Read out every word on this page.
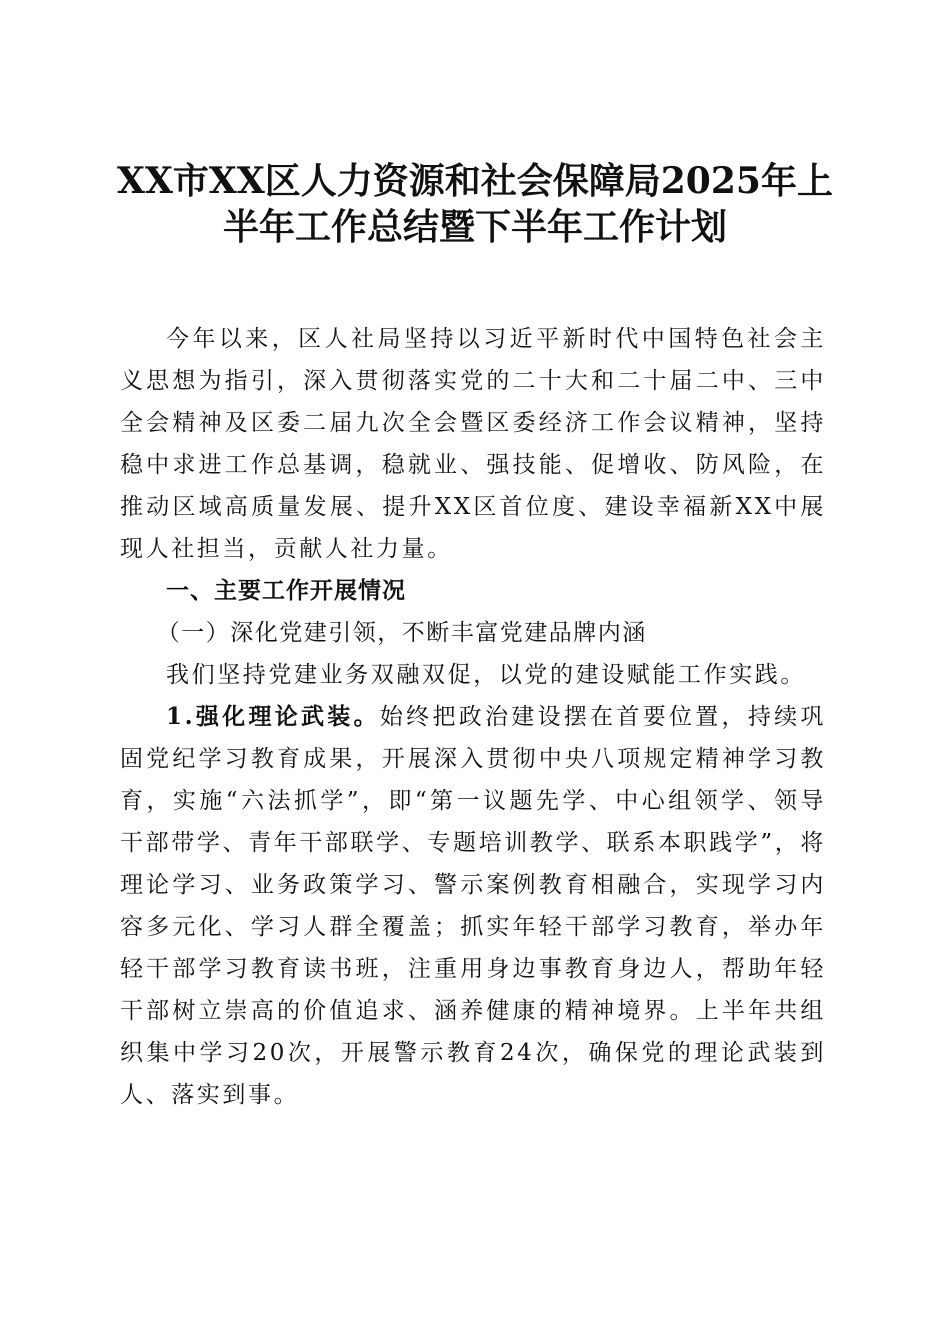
XX市XX区人力资源和社会保障局2025年上
半年工作总结暨下半年工作计划

今年以来，区人社局坚持以习近平新时代中国特色社会主义思想为指引，深入贯彻落实党的二十大和二十届二中、三中全会精神及区委二届九次全会暨区委经济工作会议精神，坚持稳中求进工作总基调，稳就业、强技能、促增收、防风险，在推动区域高质量发展、提升XX区首位度、建设幸福新XX中展现人社担当，贡献人社力量。

一、主要工作开展情况

（一）深化党建引领，不断丰富党建品牌内涵

我们坚持党建业务双融双促，以党的建设赋能工作实践。

1.强化理论武装。始终把政治建设摆在首要位置，持续巩固党纪学习教育成果，开展深入贯彻中央八项规定精神学习教育，实施“六法抓学”，即“第一议题先学、中心组领学、领导干部带学、青年干部联学、专题培训教学、联系本职践学”，将理论学习、业务政策学习、警示案例教育相融合，实现学习内容多元化、学习人群全覆盖；抓实年轻干部学习教育，举办年轻干部学习教育读书班，注重用身边事教育身边人，帮助年轻干部树立崇高的价值追求、涵养健康的精神境界。上半年共组织集中学习20次，开展警示教育24次，确保党的理论武装到人、落实到事。
